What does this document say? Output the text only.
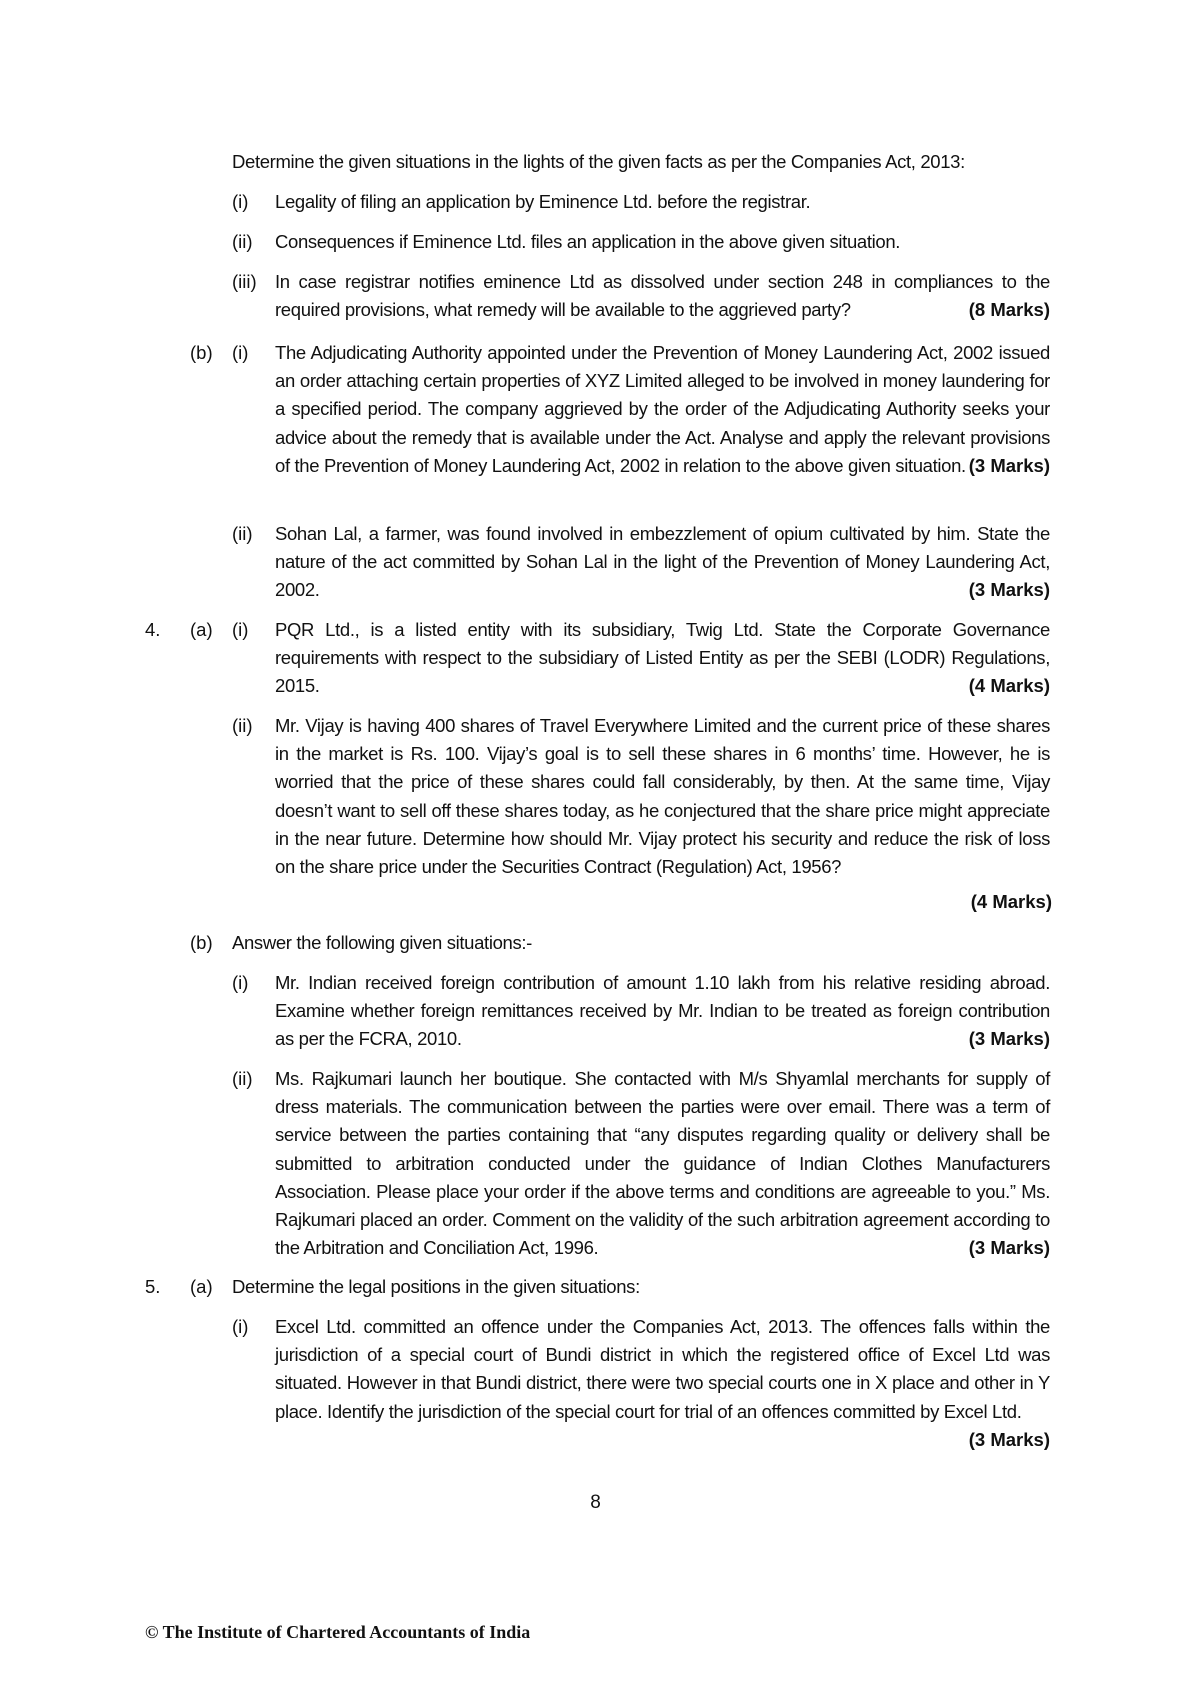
Determine the given situations in the lights of the given facts as per the Companies Act, 2013:
(i) Legality of filing an application by Eminence Ltd. before the registrar.
(ii) Consequences if Eminence Ltd. files an application in the above given situation.
(iii) In case registrar notifies eminence Ltd as dissolved under section 248 in compliances to the required provisions, what remedy will be available to the aggrieved party?	(8 Marks)
(b) (i) The Adjudicating Authority appointed under the Prevention of Money Laundering Act, 2002 issued an order attaching certain properties of XYZ Limited alleged to be involved in money laundering for a specified period. The company aggrieved by the order of the Adjudicating Authority seeks your advice about the remedy that is available under the Act. Analyse and apply the relevant provisions of the Prevention of Money Laundering Act, 2002 in relation to the above given situation. (3 Marks)
(ii) Sohan Lal, a farmer, was found involved in embezzlement of opium cultivated by him. State the nature of the act committed by Sohan Lal in the light of the Prevention of Money Laundering Act, 2002.	(3 Marks)
4. (a) (i) PQR Ltd., is a listed entity with its subsidiary, Twig Ltd. State the Corporate Governance requirements with respect to the subsidiary of Listed Entity as per the SEBI (LODR) Regulations, 2015.	(4 Marks)
(ii) Mr. Vijay is having 400 shares of Travel Everywhere Limited and the current price of these shares in the market is Rs. 100. Vijay’s goal is to sell these shares in 6 months’ time. However, he is worried that the price of these shares could fall considerably, by then. At the same time, Vijay doesn’t want to sell off these shares today, as he conjectured that the share price might appreciate in the near future. Determine how should Mr. Vijay protect his security and reduce the risk of loss on the share price under the Securities Contract (Regulation) Act, 1956?
(4 Marks)
(b) Answer the following given situations:-
(i) Mr. Indian received foreign contribution of amount 1.10 lakh from his relative residing abroad. Examine whether foreign remittances received by Mr. Indian to be treated as foreign contribution as per the FCRA, 2010.	(3 Marks)
(ii) Ms. Rajkumari launch her boutique. She contacted with M/s Shyamlal merchants for supply of dress materials. The communication between the parties were over email. There was a term of service between the parties containing that “any disputes regarding quality or delivery shall be submitted to arbitration conducted under the guidance of Indian Clothes Manufacturers Association. Please place your order if the above terms and conditions are agreeable to you.” Ms. Rajkumari placed an order. Comment on the validity of the such arbitration agreement according to the Arbitration and Conciliation Act, 1996.	(3 Marks)
5. (a) Determine the legal positions in the given situations:
(i) Excel Ltd. committed an offence under the Companies Act, 2013. The offences falls within the jurisdiction of a special court of Bundi district in which the registered office of Excel Ltd was situated. However in that Bundi district, there were two special courts one in X place and other in Y place. Identify the jurisdiction of the special court for trial of an offences committed by Excel Ltd.
(3 Marks)
8
© The Institute of Chartered Accountants of India
